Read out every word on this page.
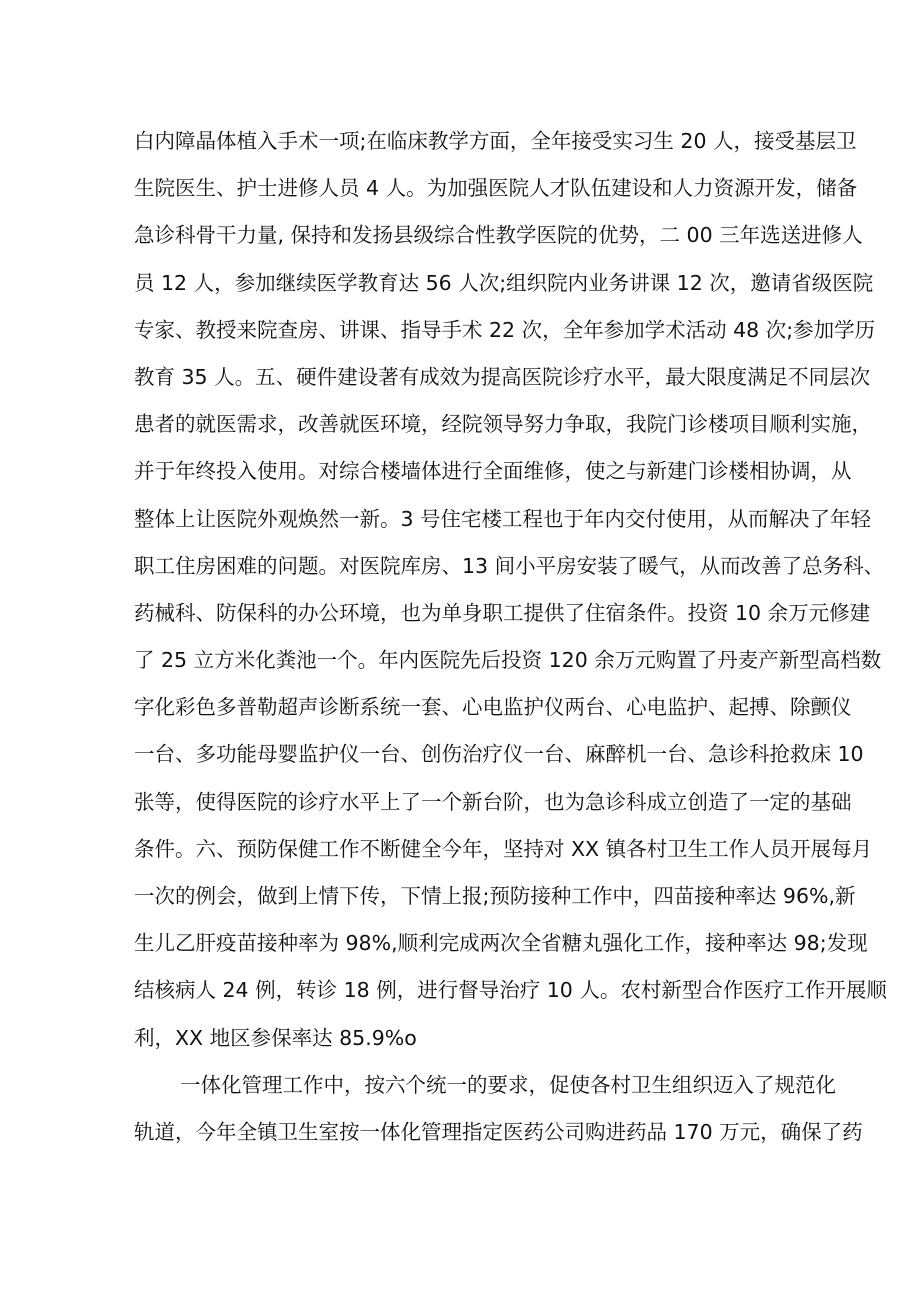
白内障晶体植入手术一项;在临床教学方面，全年接受实习生 20 人，接受基层卫
生院医生、护士进修人员 4 人。为加强医院人才队伍建设和人力资源开发，储备
急诊科骨干力量, 保持和发扬县级综合性教学医院的优势，二 00 三年选送进修人
员 12 人，参加继续医学教育达 56 人次;组织院内业务讲课 12 次，邀请省级医院
专家、教授来院查房、讲课、指导手术 22 次，全年参加学术活动 48 次;参加学历
教育 35 人。五、硬件建设著有成效为提高医院诊疗水平，最大限度满足不同层次
患者的就医需求，改善就医环境，经院领导努力争取，我院门诊楼项目顺利实施，
并于年终投入使用。对综合楼墙体进行全面维修，使之与新建门诊楼相协调，从
整体上让医院外观焕然一新。3 号住宅楼工程也于年内交付使用，从而解决了年轻
职工住房困难的问题。对医院库房、13 间小平房安装了暖气，从而改善了总务科、
药械科、防保科的办公环境，也为单身职工提供了住宿条件。投资 10 余万元修建
了 25 立方米化粪池一个。年内医院先后投资 120 余万元购置了丹麦产新型高档数
字化彩色多普勒超声诊断系统一套、心电监护仪两台、心电监护、起搏、除颤仪
一台、多功能母婴监护仪一台、创伤治疗仪一台、麻醉机一台、急诊科抢救床 10
张等，使得医院的诊疗水平上了一个新台阶，也为急诊科成立创造了一定的基础
条件。六、预防保健工作不断健全今年，坚持对 XX 镇各村卫生工作人员开展每月
一次的例会，做到上情下传，下情上报;预防接种工作中，四苗接种率达 96%,新
生儿乙肝疫苗接种率为 98%,顺利完成两次全省糖丸强化工作，接种率达 98;发现
结核病人 24 例，转诊 18 例，进行督导治疗 10 人。农村新型合作医疗工作开展顺
利，XX 地区参保率达 85.9%o
一体化管理工作中，按六个统一的要求，促使各村卫生组织迈入了规范化
轨道，今年全镇卫生室按一体化管理指定医药公司购进药品 170 万元，确保了药
